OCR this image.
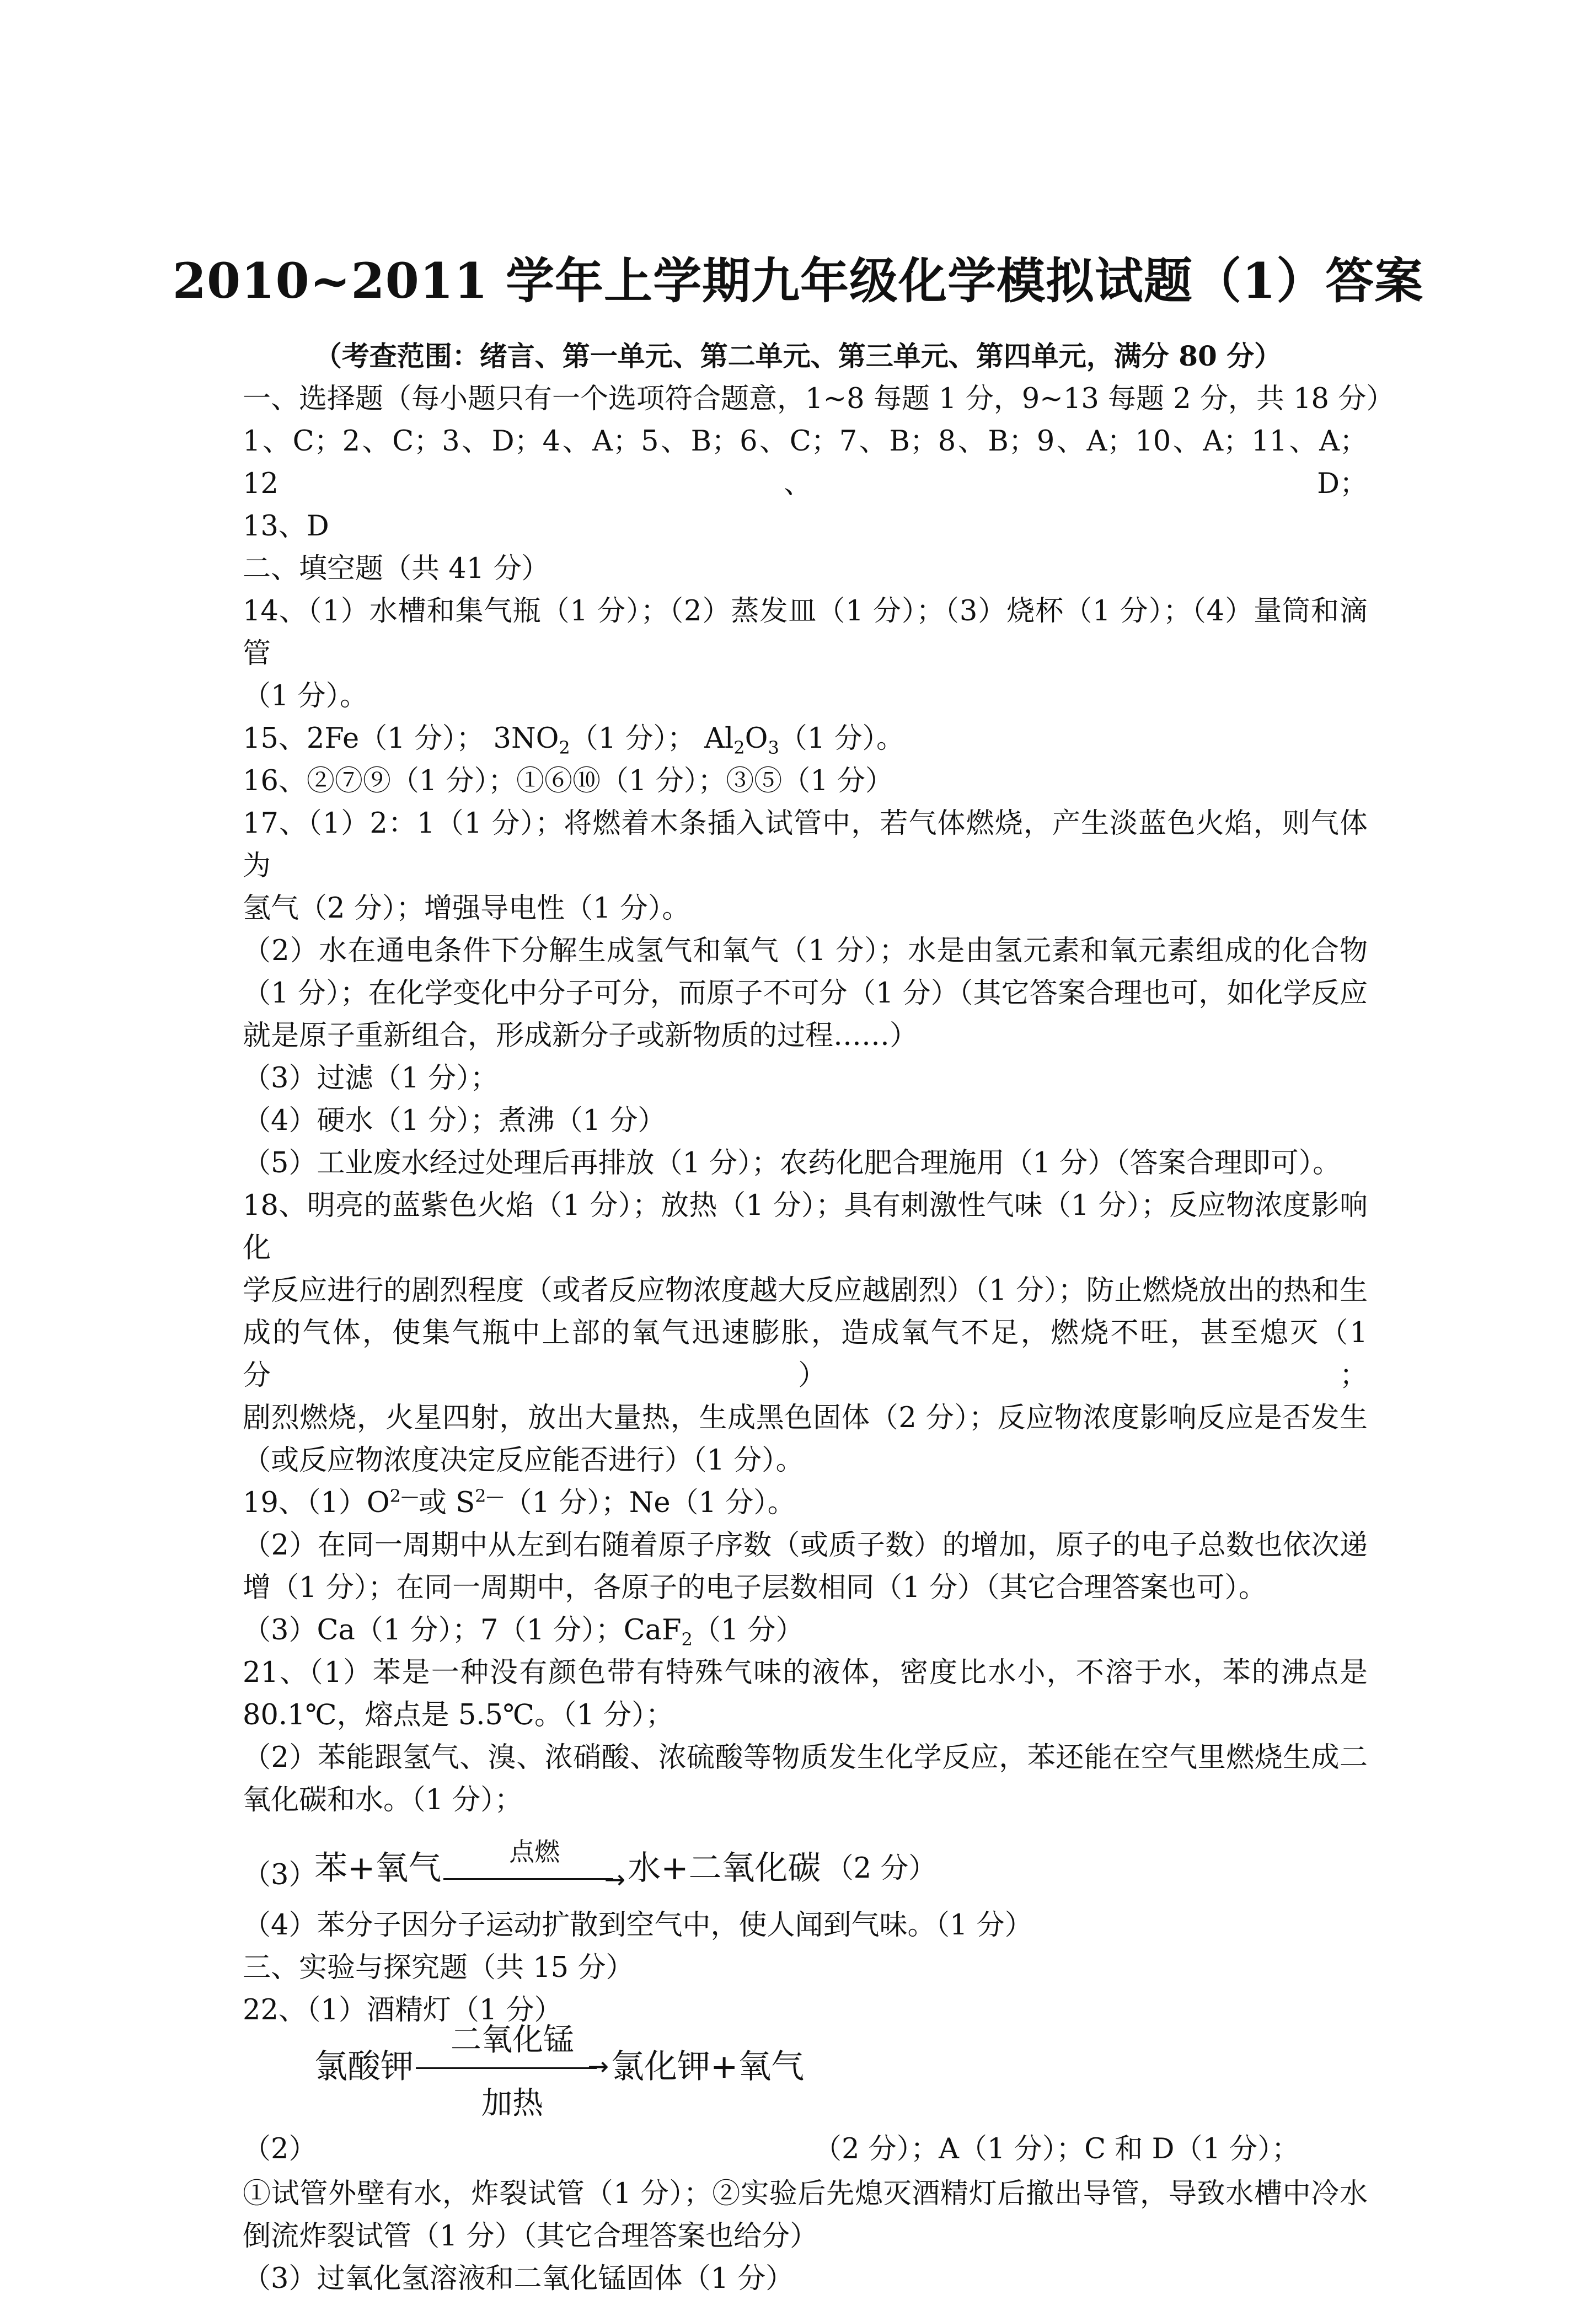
2010~2011 学年上学期九年级化学模拟试题（1）答案
（考查范围：绪言、第一单元、第二单元、第三单元、第四单元，满分 80 分）
一、选择题（每小题只有一个选项符合题意，1~8 每题 1 分，9~13 每题 2 分，共 18 分）
1、C；2、C；3、D；4、A；5、B；6、C；7、B；8、B；9、A；10、A；11、A；12、D；
13、D
二、填空题（共 41 分）
14、（1）水槽和集气瓶（1 分）；（2）蒸发皿（1 分）；（3）烧杯（1 分）；（4）量筒和滴管
（1 分）。
15、2Fe（1 分）； $3NO_2(1$ 分）； $Al_2O_3(1$ 分）。
16、②⑦⑨（1 分）；①⑥⑩（1 分）；③⑤（1 分）
17、（1）2：1（1 分）；将燃着木条插入试管中，若气体燃烧，产生淡蓝色火焰，则气体为
氢气（2 分）；增强导电性（1 分）。
（2）水在通电条件下分解生成氢气和氧气（1 分）；水是由氢元素和氧元素组成的化合物
（1 分）；在化学变化中分子可分，而原子不可分（1 分）（其它答案合理也可，如化学反应
就是原子重新组合，形成新分子或新物质的过程……）
（3）过滤（1 分）；
（4）硬水（1 分）；煮沸（1 分）
（5）工业废水经过处理后再排放（1 分）；农药化肥合理施用（1 分）（答案合理即可）。
18、明亮的蓝紫色火焰（1 分）；放热（1 分）；具有刺激性气味（1 分）；反应物浓度影响化
学反应进行的剧烈程度（或者反应物浓度越大反应越剧烈）（1 分）；防止燃烧放出的热和生
成的气体，使集气瓶中上部的氧气迅速膨胀，造成氧气不足，燃烧不旺，甚至熄灭（1 分）；
剧烈燃烧，火星四射，放出大量热，生成黑色固体（2 分）；反应物浓度影响反应是否发生
（或反应物浓度决定反应能否进行）（1 分）。
19、$(1)O^{2—}$或 $S^{2—}(1$ 分）；Ne（1 分）。
（2）在同一周期中从左到右随着原子序数（或质子数）的增加，原子的电子总数也依次递
增（1 分）；在同一周期中，各原子的电子层数相同（1 分）（其它合理答案也可）。
（3）Ca（1 分）；7（1 分）；CaF$_2$（1 分）
21、（1）苯是一种没有颜色带有特殊气味的液体，密度比水小，不溶于水，苯的沸点是
80.1℃，熔点是 5.5℃。（1 分）；
（2）苯能跟氢气、溴、浓硝酸、浓硫酸等物质发生化学反应，苯还能在空气里燃烧生成二
氧化碳和水。（1 分）；
（3）
苯+氧气	点燃
→ 水+二氧化碳 （2 分）
（4）苯分子因分子运动扩散到空气中，使人闻到气味。（1 分）
三、实验与探究题（共 15 分）
22、（1）酒精灯（1 分）
（2）
氯酸钾
二氧化锰
→
加热
氯化钾+氧气
（2 分）；A（1 分）；C 和 D（1 分）；
①试管外壁有水，炸裂试管（1 分）；②实验后先熄灭酒精灯后撤出导管，导致水槽中冷水
倒流炸裂试管（1 分）（其它合理答案也给分）
（3）过氧化氢溶液和二氧化锰固体（1 分）
